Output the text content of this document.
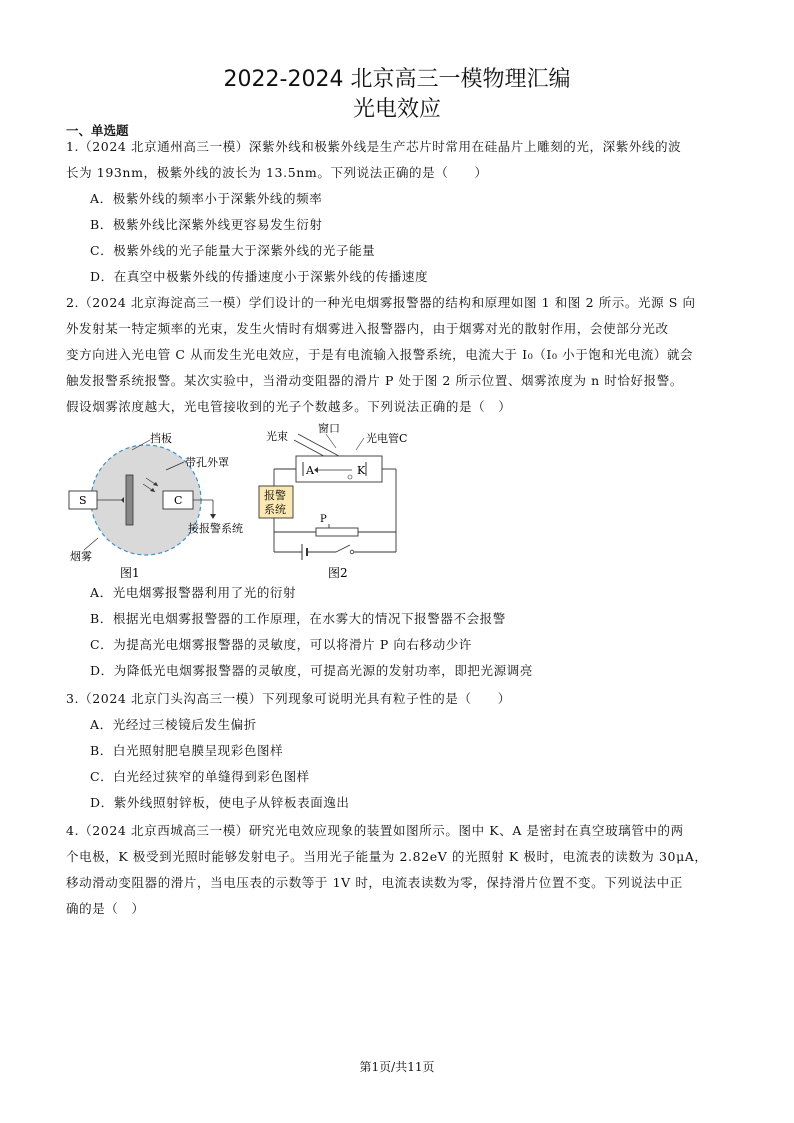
2022-2024 北京高三一模物理汇编
光电效应
一、单选题
1.（2024 北京通州高三一模）深紫外线和极紫外线是生产芯片时常用在硅晶片上雕刻的光，深紫外线的波
长为 193nm，极紫外线的波长为 13.5nm。下列说法正确的是（　　）
A．极紫外线的频率小于深紫外线的频率
B．极紫外线比深紫外线更容易发生衍射
C．极紫外线的光子能量大于深紫外线的光子能量
D．在真空中极紫外线的传播速度小于深紫外线的传播速度
2.（2024 北京海淀高三一模）学们设计的一种光电烟雾报警器的结构和原理如图 1 和图 2 所示。光源 S 向
外发射某一特定频率的光束，发生火情时有烟雾进入报警器内，由于烟雾对光的散射作用，会使部分光改
变方向进入光电管 C 从而发生光电效应，于是有电流输入报警系统，电流大于 I₀（I₀ 小于饱和光电流）就会
触发报警系统报警。某次实验中，当滑动变阻器的滑片 P 处于图 2 所示位置、烟雾浓度为 n 时恰好报警。
假设烟雾浓度越大，光电管接收到的光子个数越多。下列说法正确的是（　）
挡板
S	C
带孔外罩
接报警系统
烟雾
图1
光束
窗口
光电管C
A	K
报警
系统
P
图2
A．光电烟雾报警器利用了光的衍射
B．根据光电烟雾报警器的工作原理，在水雾大的情况下报警器不会报警
C．为提高光电烟雾报警器的灵敏度，可以将滑片 P 向右移动少许
D．为降低光电烟雾报警器的灵敏度，可提高光源的发射功率，即把光源调亮
3.（2024 北京门头沟高三一模）下列现象可说明光具有粒子性的是（　　）
A．光经过三棱镜后发生偏折
B．白光照射肥皂膜呈现彩色图样
C．白光经过狭窄的单缝得到彩色图样
D．紫外线照射锌板，使电子从锌板表面逸出
4.（2024 北京西城高三一模）研究光电效应现象的装置如图所示。图中 K、A 是密封在真空玻璃管中的两
个电极，K 极受到光照时能够发射电子。当用光子能量为 2.82eV 的光照射 K 极时，电流表的读数为 30μA，
移动滑动变阻器的滑片，当电压表的示数等于 1V 时，电流表读数为零，保持滑片位置不变。下列说法中正
确的是（　）
第1页/共11页
